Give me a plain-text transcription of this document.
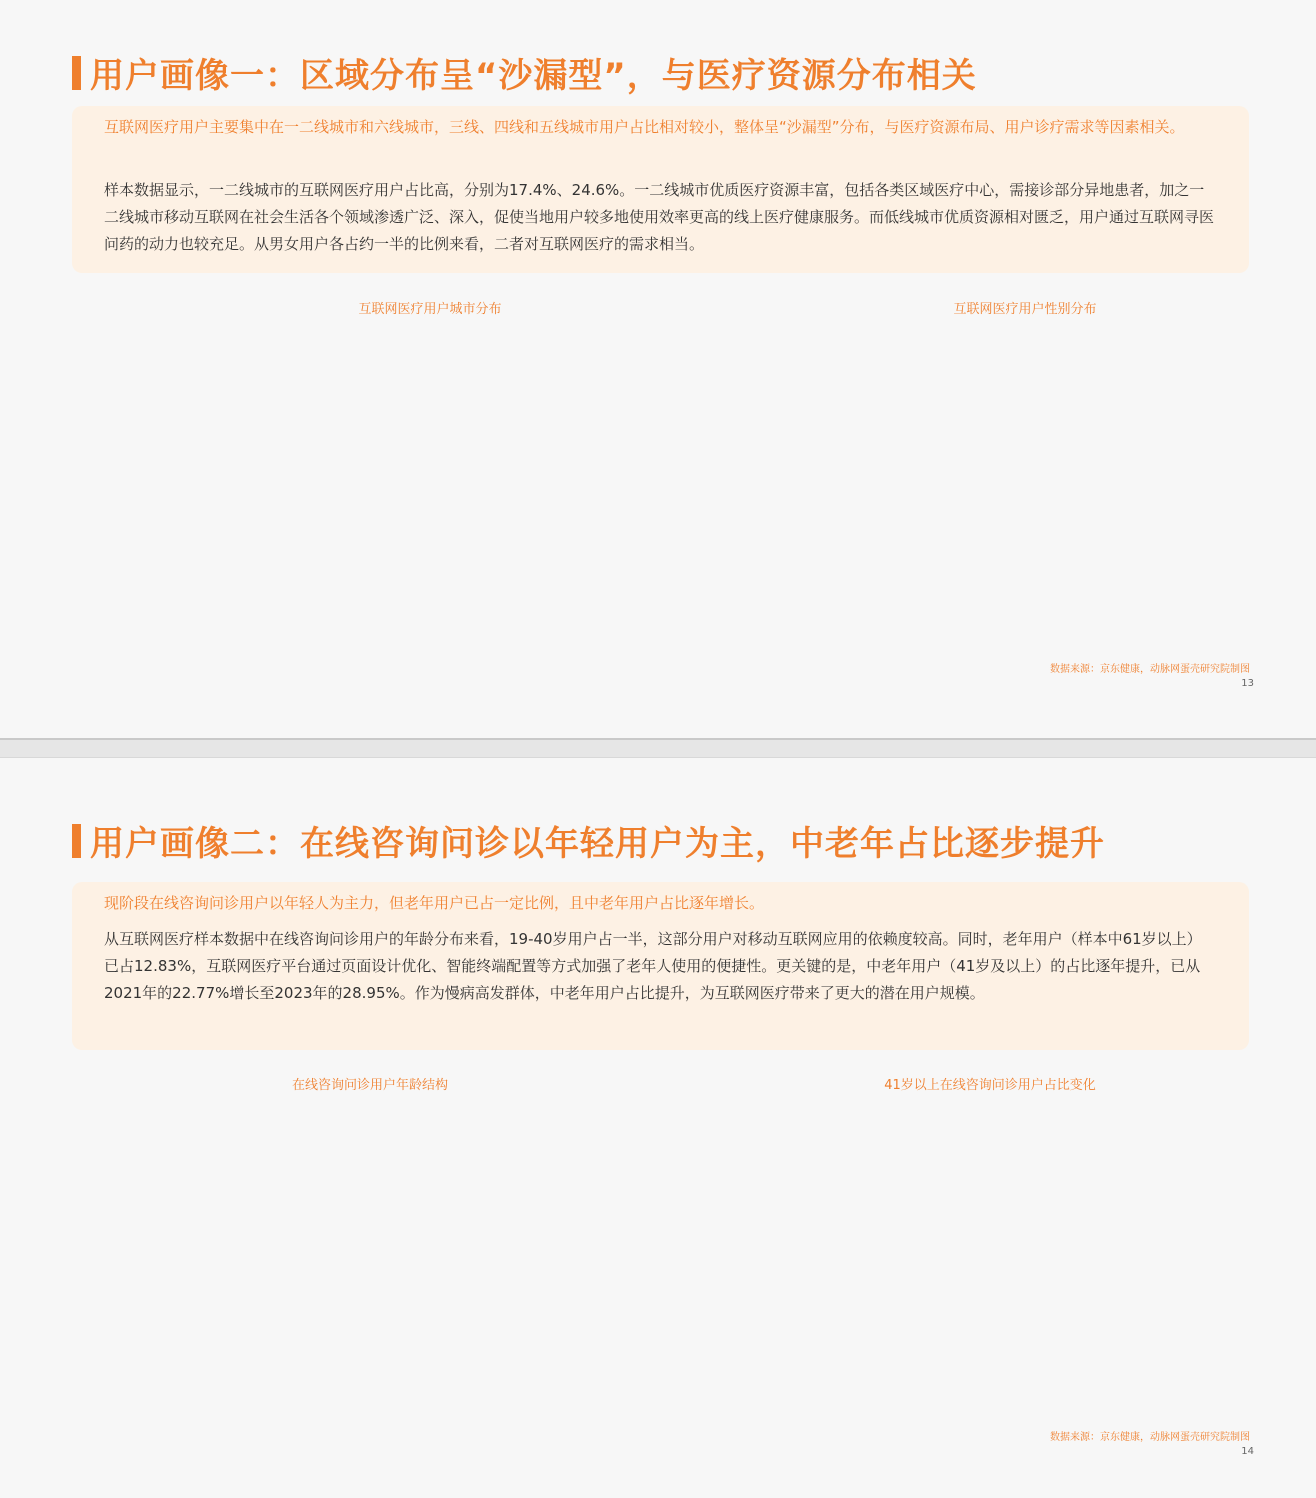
用户画像一：区域分布呈“沙漏型”，与医疗资源分布相关

互联网医疗用户主要集中在一二线城市和六线城市，三线、四线和五线城市用户占比相对较小，整体呈“沙漏型”分布，与医疗资源布局、用户诊疗需求等因素相关。

样本数据显示，一二线城市的互联网医疗用户占比高，分别为17.4%、24.6%。一二线城市优质医疗资源丰富，包括各类区域医疗中心，需接诊部分异地患者，加之一二线城市移动互联网在社会生活各个领域渗透广泛、深入，促使当地用户较多地使用效率更高的线上医疗健康服务。而低线城市优质资源相对匮乏，用户通过互联网寻医问药的动力也较充足。从男女用户各占约一半的比例来看，二者对互联网医疗的需求相当。

互联网医疗用户城市分布	互联网医疗用户性别分布
数据来源：京东健康，动脉网蛋壳研究院制图
13
用户画像二：在线咨询问诊以年轻用户为主，中老年占比逐步提升

现阶段在线咨询问诊用户以年轻人为主力，但老年用户已占一定比例，且中老年用户占比逐年增长。

从互联网医疗样本数据中在线咨询问诊用户的年龄分布来看，19-40岁用户占一半，这部分用户对移动互联网应用的依赖度较高。同时，老年用户（样本中61岁以上）已占12.83%，互联网医疗平台通过页面设计优化、智能终端配置等方式加强了老年人使用的便捷性。更关键的是，中老年用户（41岁及以上）的占比逐年提升，已从2021年的22.77%增长至2023年的28.95%。作为慢病高发群体，中老年用户占比提升，为互联网医疗带来了更大的潜在用户规模。

在线咨询问诊用户年龄结构	41岁以上在线咨询问诊用户占比变化
数据来源：京东健康，动脉网蛋壳研究院制图
14
